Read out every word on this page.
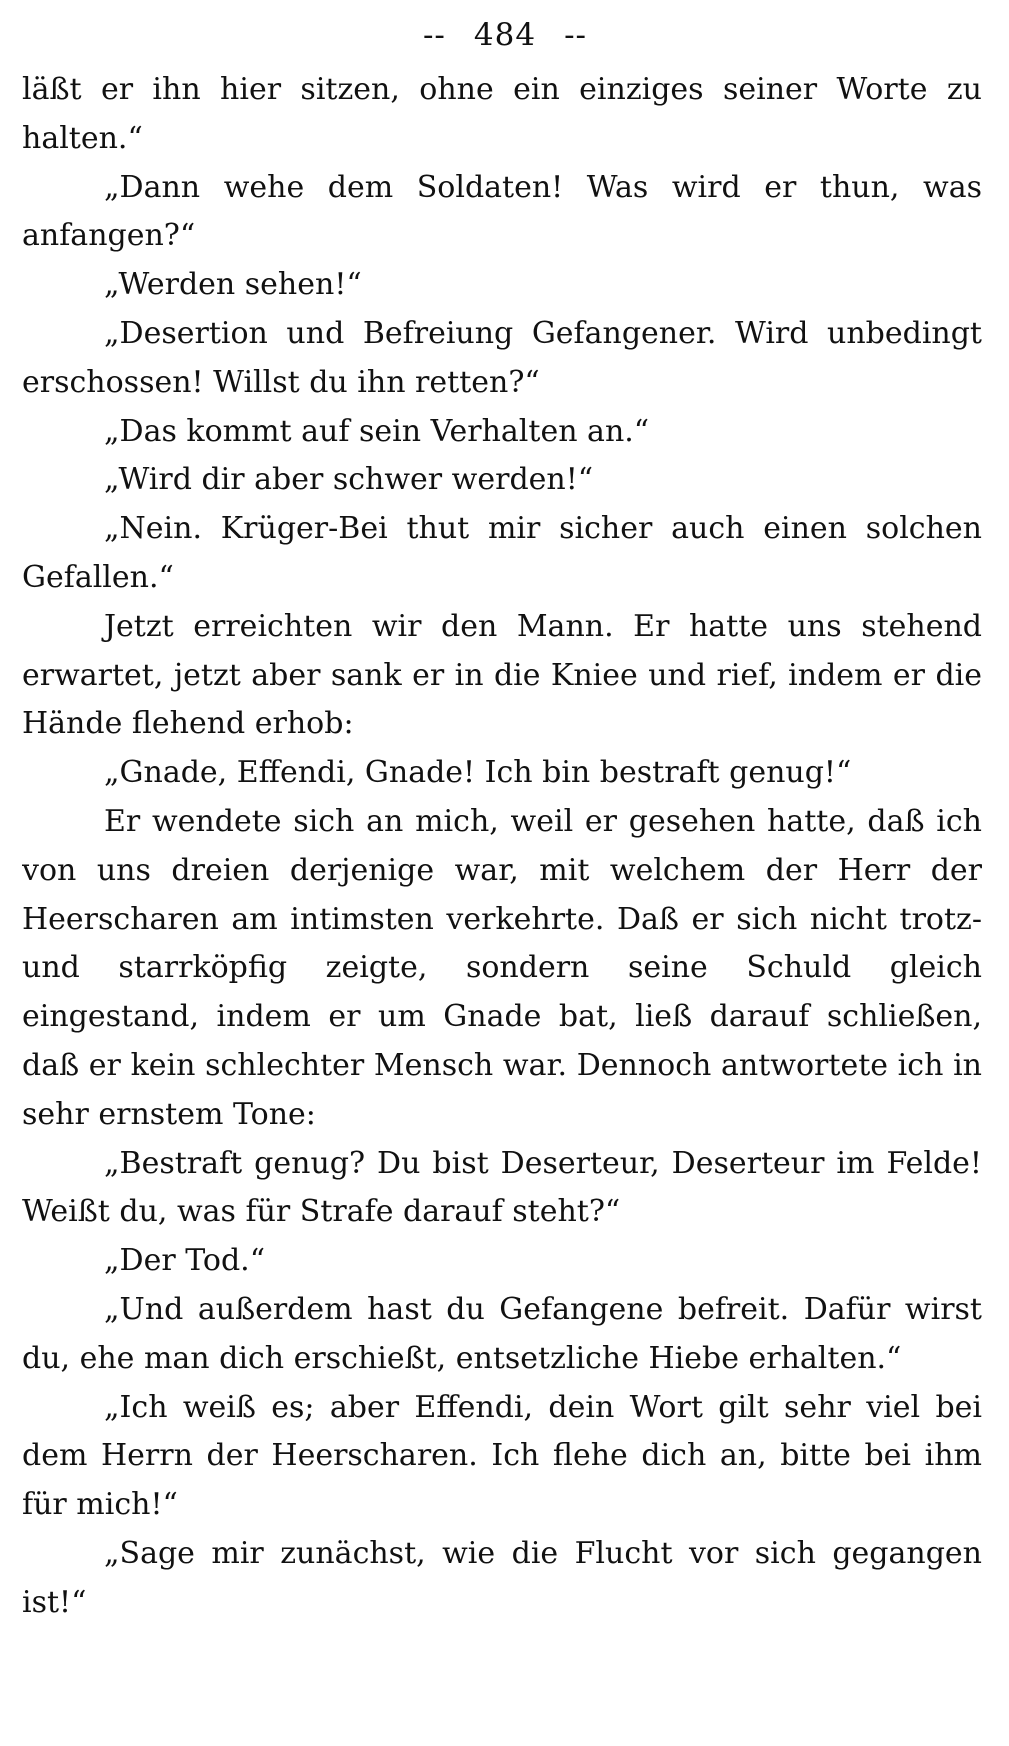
-- 484 --

läßt er ihn hier sitzen, ohne ein einziges seiner Worte zu halten.“

„Dann wehe dem Soldaten! Was wird er thun, was anfangen?“

„Werden sehen!“

„Desertion und Befreiung Gefangener. Wird unbedingt erschossen! Willst du ihn retten?“

„Das kommt auf sein Verhalten an.“

„Wird dir aber schwer werden!“

„Nein. Krüger-Bei thut mir sicher auch einen solchen Gefallen.“

Jetzt erreichten wir den Mann. Er hatte uns stehend erwartet, jetzt aber sank er in die Kniee und rief, indem er die Hände flehend erhob:

„Gnade, Effendi, Gnade! Ich bin bestraft genug!“

Er wendete sich an mich, weil er gesehen hatte, daß ich von uns dreien derjenige war, mit welchem der Herr der Heerscharen am intimsten verkehrte. Daß er sich nicht trotz- und starrköpfig zeigte, sondern seine Schuld gleich eingestand, indem er um Gnade bat, ließ darauf schließen, daß er kein schlechter Mensch war. Dennoch antwortete ich in sehr ernstem Tone:

„Bestraft genug? Du bist Deserteur, Deserteur im Felde! Weißt du, was für Strafe darauf steht?“

„Der Tod.“

„Und außerdem hast du Gefangene befreit. Dafür wirst du, ehe man dich erschießt, entsetzliche Hiebe erhalten.“

„Ich weiß es; aber Effendi, dein Wort gilt sehr viel bei dem Herrn der Heerscharen. Ich flehe dich an, bitte bei ihm für mich!“

„Sage mir zunächst, wie die Flucht vor sich gegangen ist!“
